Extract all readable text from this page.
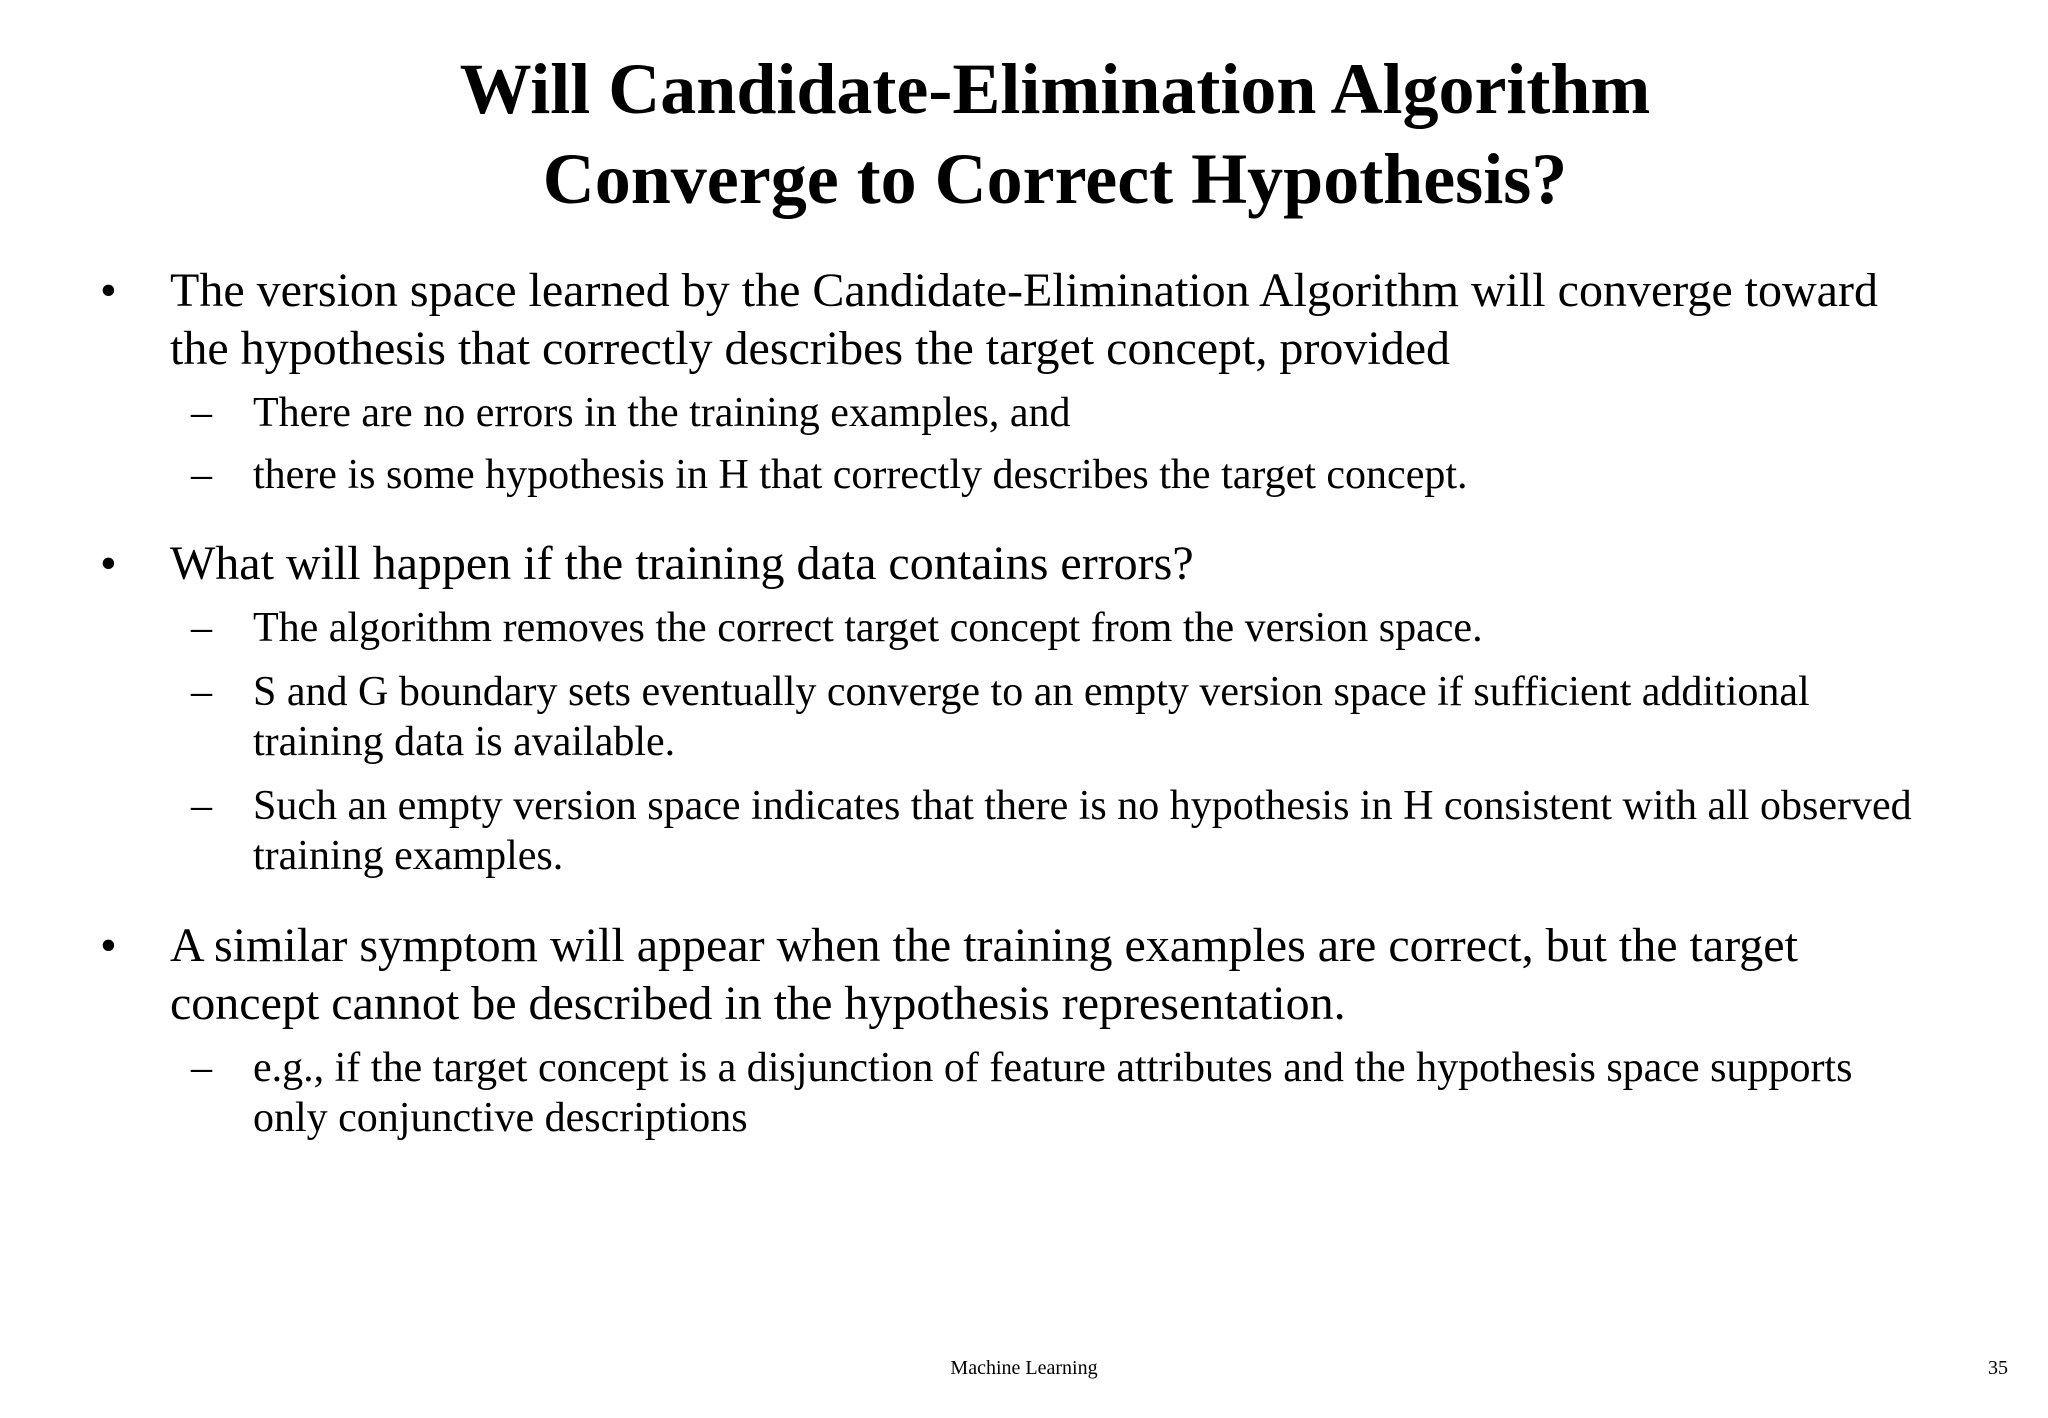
Will Candidate-Elimination Algorithm
Converge to Correct Hypothesis?
•	The version space learned by the Candidate-Elimination Algorithm will converge toward the hypothesis that correctly describes the target concept, provided
– There are no errors in the training examples, and
– there is some hypothesis in H that correctly describes the target concept.
•	What will happen if the training data contains errors?
– The algorithm removes the correct target concept from the version space.
– S and G boundary sets eventually converge to an empty version space if sufficient additional training data is available.
– Such an empty version space indicates that there is no hypothesis in H consistent with all observed training examples.
•	A similar symptom will appear when the training examples are correct, but the target concept cannot be described in the hypothesis representation.
– e.g., if the target concept is a disjunction of feature attributes and the hypothesis space supports only conjunctive descriptions
Machine Learning	35
